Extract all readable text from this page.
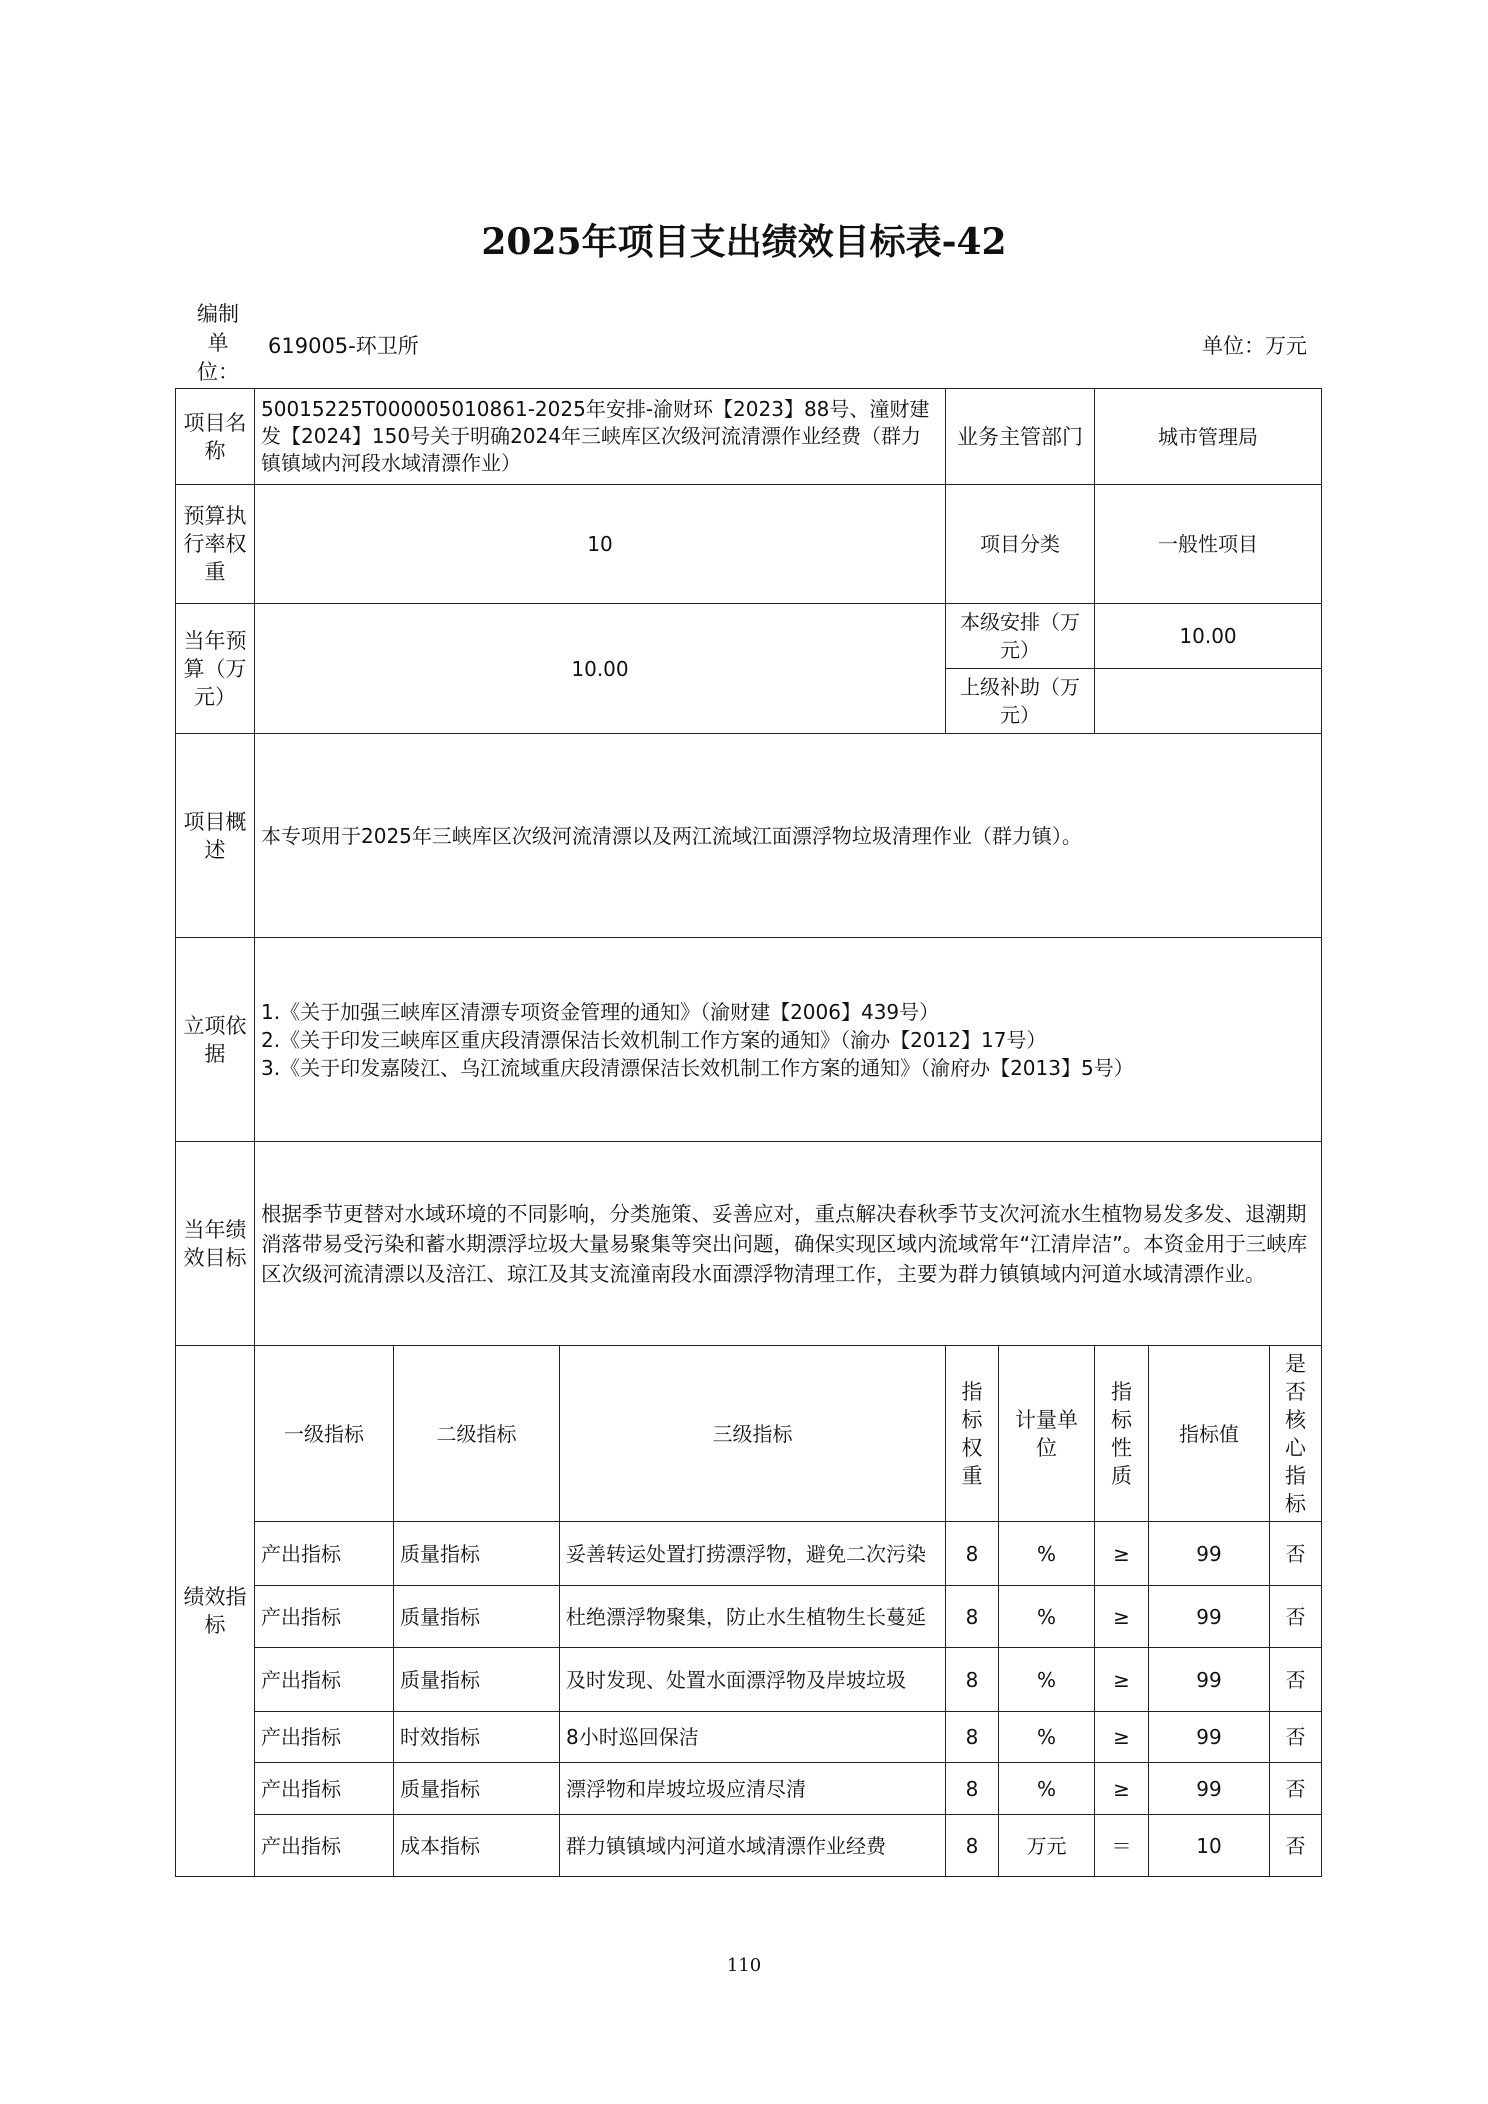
2025年项目支出绩效目标表-42
编制单位：
619005-环卫所	单位：万元
项目名称	50015225T000005010861-2025年安排-渝财环【2023】88号、潼财建发【2024】150号关于明确2024年三峡库区次级河流清漂作业经费（群力镇镇域内河段水域清漂作业）			业务主管部门		城市管理局		
预算执行率权重	10			项目分类		一般性项目		
当年预算（万元）	10.00			本级安排（万元）		10.00		
				上级补助（万元）				
项目概述	本专项用于2025年三峡库区次级河流清漂以及两江流域江面漂浮物垃圾清理作业（群力镇）。							
立项依据	1.《关于加强三峡库区清漂专项资金管理的通知》（渝财建【2006】439号）
2.《关于印发三峡库区重庆段清漂保洁长效机制工作方案的通知》（渝办【2012】17号）
3.《关于印发嘉陵江、乌江流域重庆段清漂保洁长效机制工作方案的通知》（渝府办【2013】5号）							

当年绩效目标	根据季节更替对水域环境的不同影响，分类施策、妥善应对，重点解决春秋季节支次河流水生植物易发多发、退潮期消落带易受污染和蓄水期漂浮垃圾大量易聚集等突出问题，确保实现区域内流域常年“江清岸洁”。本资金用于三峡库区次级河流清漂以及涪江、琼江及其支流潼南段水面漂浮物清理工作，主要为群力镇镇域内河道水域清漂作业。							
绩效指标	一级指标	二级指标	三级指标	指标权重	计量单位	指标性质	指标值	是否核心指标
	产出指标	质量指标	妥善转运处置打捞漂浮物，避免二次污染	8	%	≥	99	否
	产出指标	质量指标	杜绝漂浮物聚集，防止水生植物生长蔓延	8	%	≥	99	否
	产出指标	质量指标	及时发现、处置水面漂浮物及岸坡垃圾	8	%	≥	99	否
	产出指标	时效指标	8小时巡回保洁	8	%	≥	99	否
	产出指标	质量指标	漂浮物和岸坡垃圾应清尽清	8	%	≥	99	否
	产出指标	成本指标	群力镇镇域内河道水域清漂作业经费	8	万元	＝	10	否
110
